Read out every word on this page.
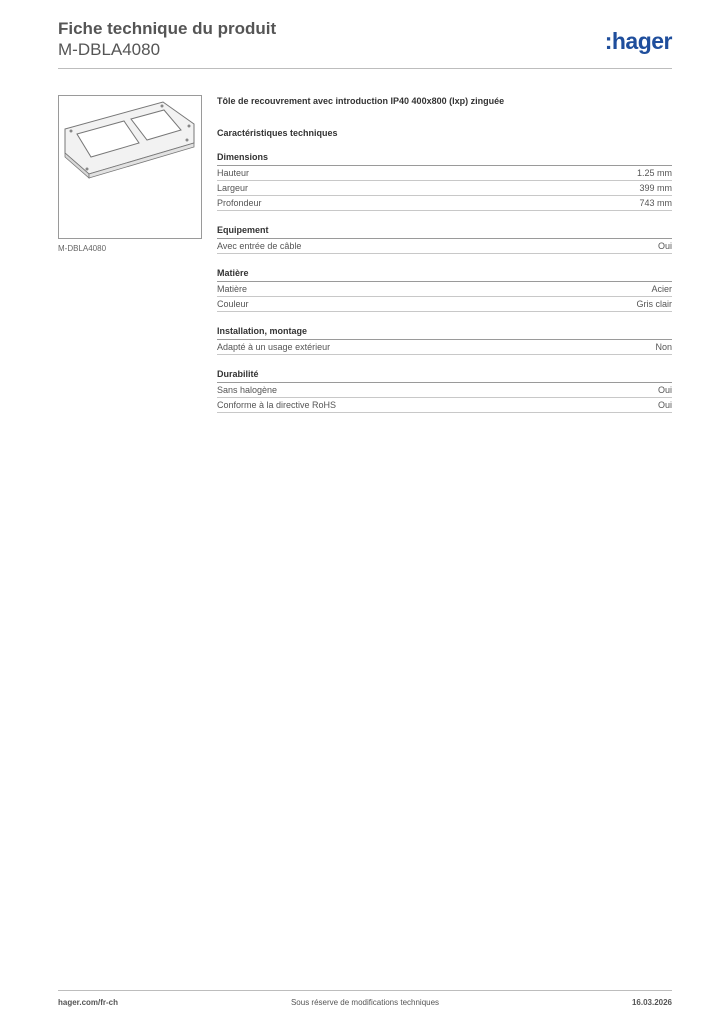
Fiche technique du produit
M-DBLA4080	:hager
M-DBLA4080
Tôle de recouvrement avec introduction IP40 400x800 (lxp) zinguée
Caractéristiques techniques
Dimensions
Hauteur	1.25 mm
Largeur	399 mm
Profondeur	743 mm
Equipement
Avec entrée de câble	Oui
Matière
Matière	Acier
Couleur	Gris clair
Installation, montage
Adapté à un usage extérieur	Non
Durabilité
Sans halogène	Oui
Conforme à la directive RoHS	Oui
hager.com/fr-ch	Sous réserve de modifications techniques	16.03.2026
